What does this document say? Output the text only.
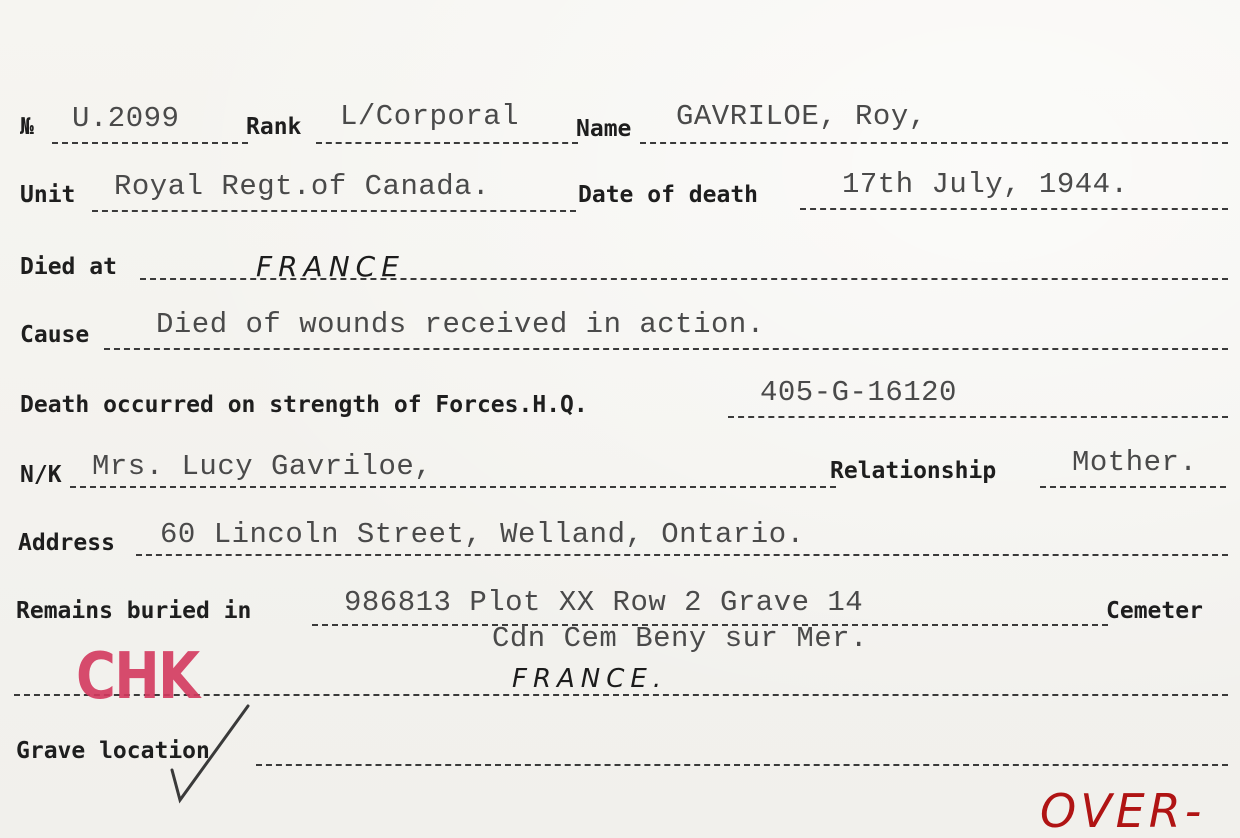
№ U.2099	Rank L/Corporal Name GAVRILOE, Roy,
Unit Royal Regt.of Canada.	Date of death	17th July, 1944.
Died at	FRANCE
Cause Died of wounds received in action.
Death occurred on strength of Forces.H.Q.	405-G-16120
N/K Mrs. Lucy Gavriloe,	Relationship	Mother.
Address 60 Lincoln Street, Welland, Ontario.
Remains buried in	986813 Plot XX Row 2 Grave 14	Cemeter
Cdn Cem Beny sur Mer.
FRANCE.
Grave location
CHK
OVER-
